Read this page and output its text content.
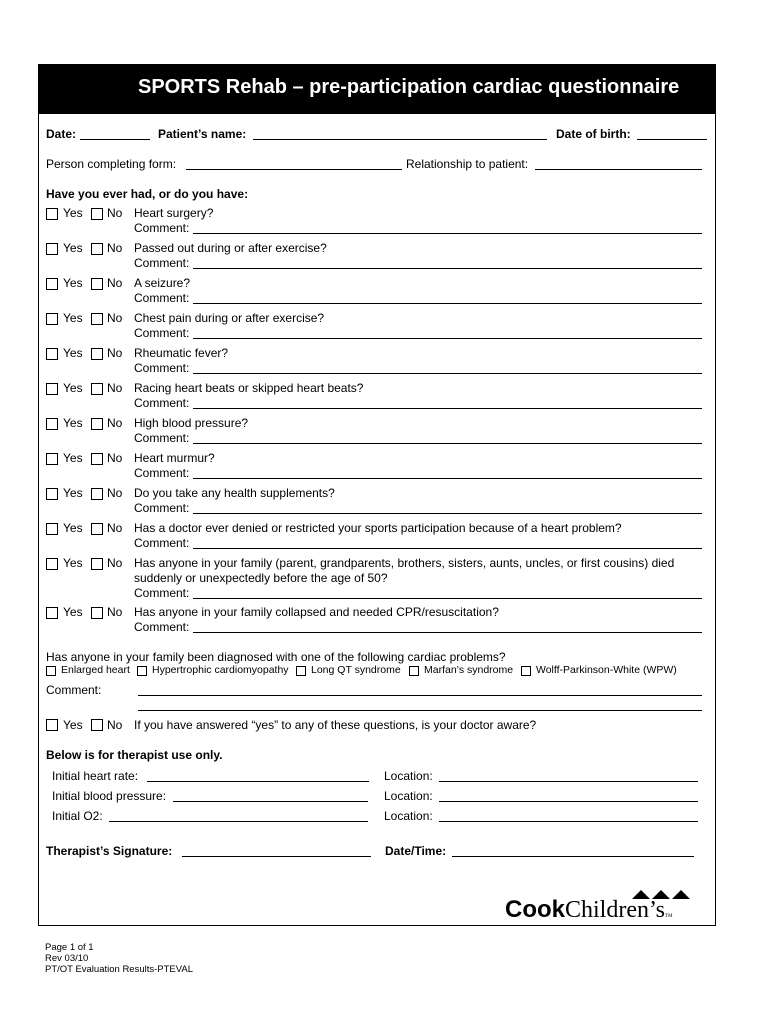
SPORTS Rehab – pre-participation cardiac questionnaire
Date:	Patient’s name:	Date of birth:
Person completing form:	Relationship to patient:
Have you ever had, or do you have:
Yes No Heart surgery?
Comment:
Yes No Passed out during or after exercise?
Comment:
Yes No A seizure?
Comment:
Yes No Chest pain during or after exercise?
Comment:
Yes No Rheumatic fever?
Comment:
Yes No Racing heart beats or skipped heart beats?
Comment:
Yes No High blood pressure?
Comment:
Yes No Heart murmur?
Comment:
Yes No Do you take any health supplements?
Comment:
Yes No Has a doctor ever denied or restricted your sports participation because of a heart problem?
Comment:
Yes No Has anyone in your family (parent, grandparents, brothers, sisters, aunts, uncles, or first cousins) died
suddenly or unexpectedly before the age of 50?
Comment:
Yes No Has anyone in your family collapsed and needed CPR/resuscitation?
Comment:
Has anyone in your family been diagnosed with one of the following cardiac problems?
Enlarged heart Hypertrophic cardiomyopathy Long QT syndrome Marfan’s syndrome Wolff-Parkinson-White (WPW)
Comment:
Yes No If you have answered “yes” to any of these questions, is your doctor aware?
Below is for therapist use only.
Initial heart rate:	Location:
Initial blood pressure:	Location:
Initial O2:	Location:
Therapist’s Signature:	Date/Time:
CookChildren’sTM
Page 1 of 1
Rev 03/10
PT/OT Evaluation Results-PTEVAL
